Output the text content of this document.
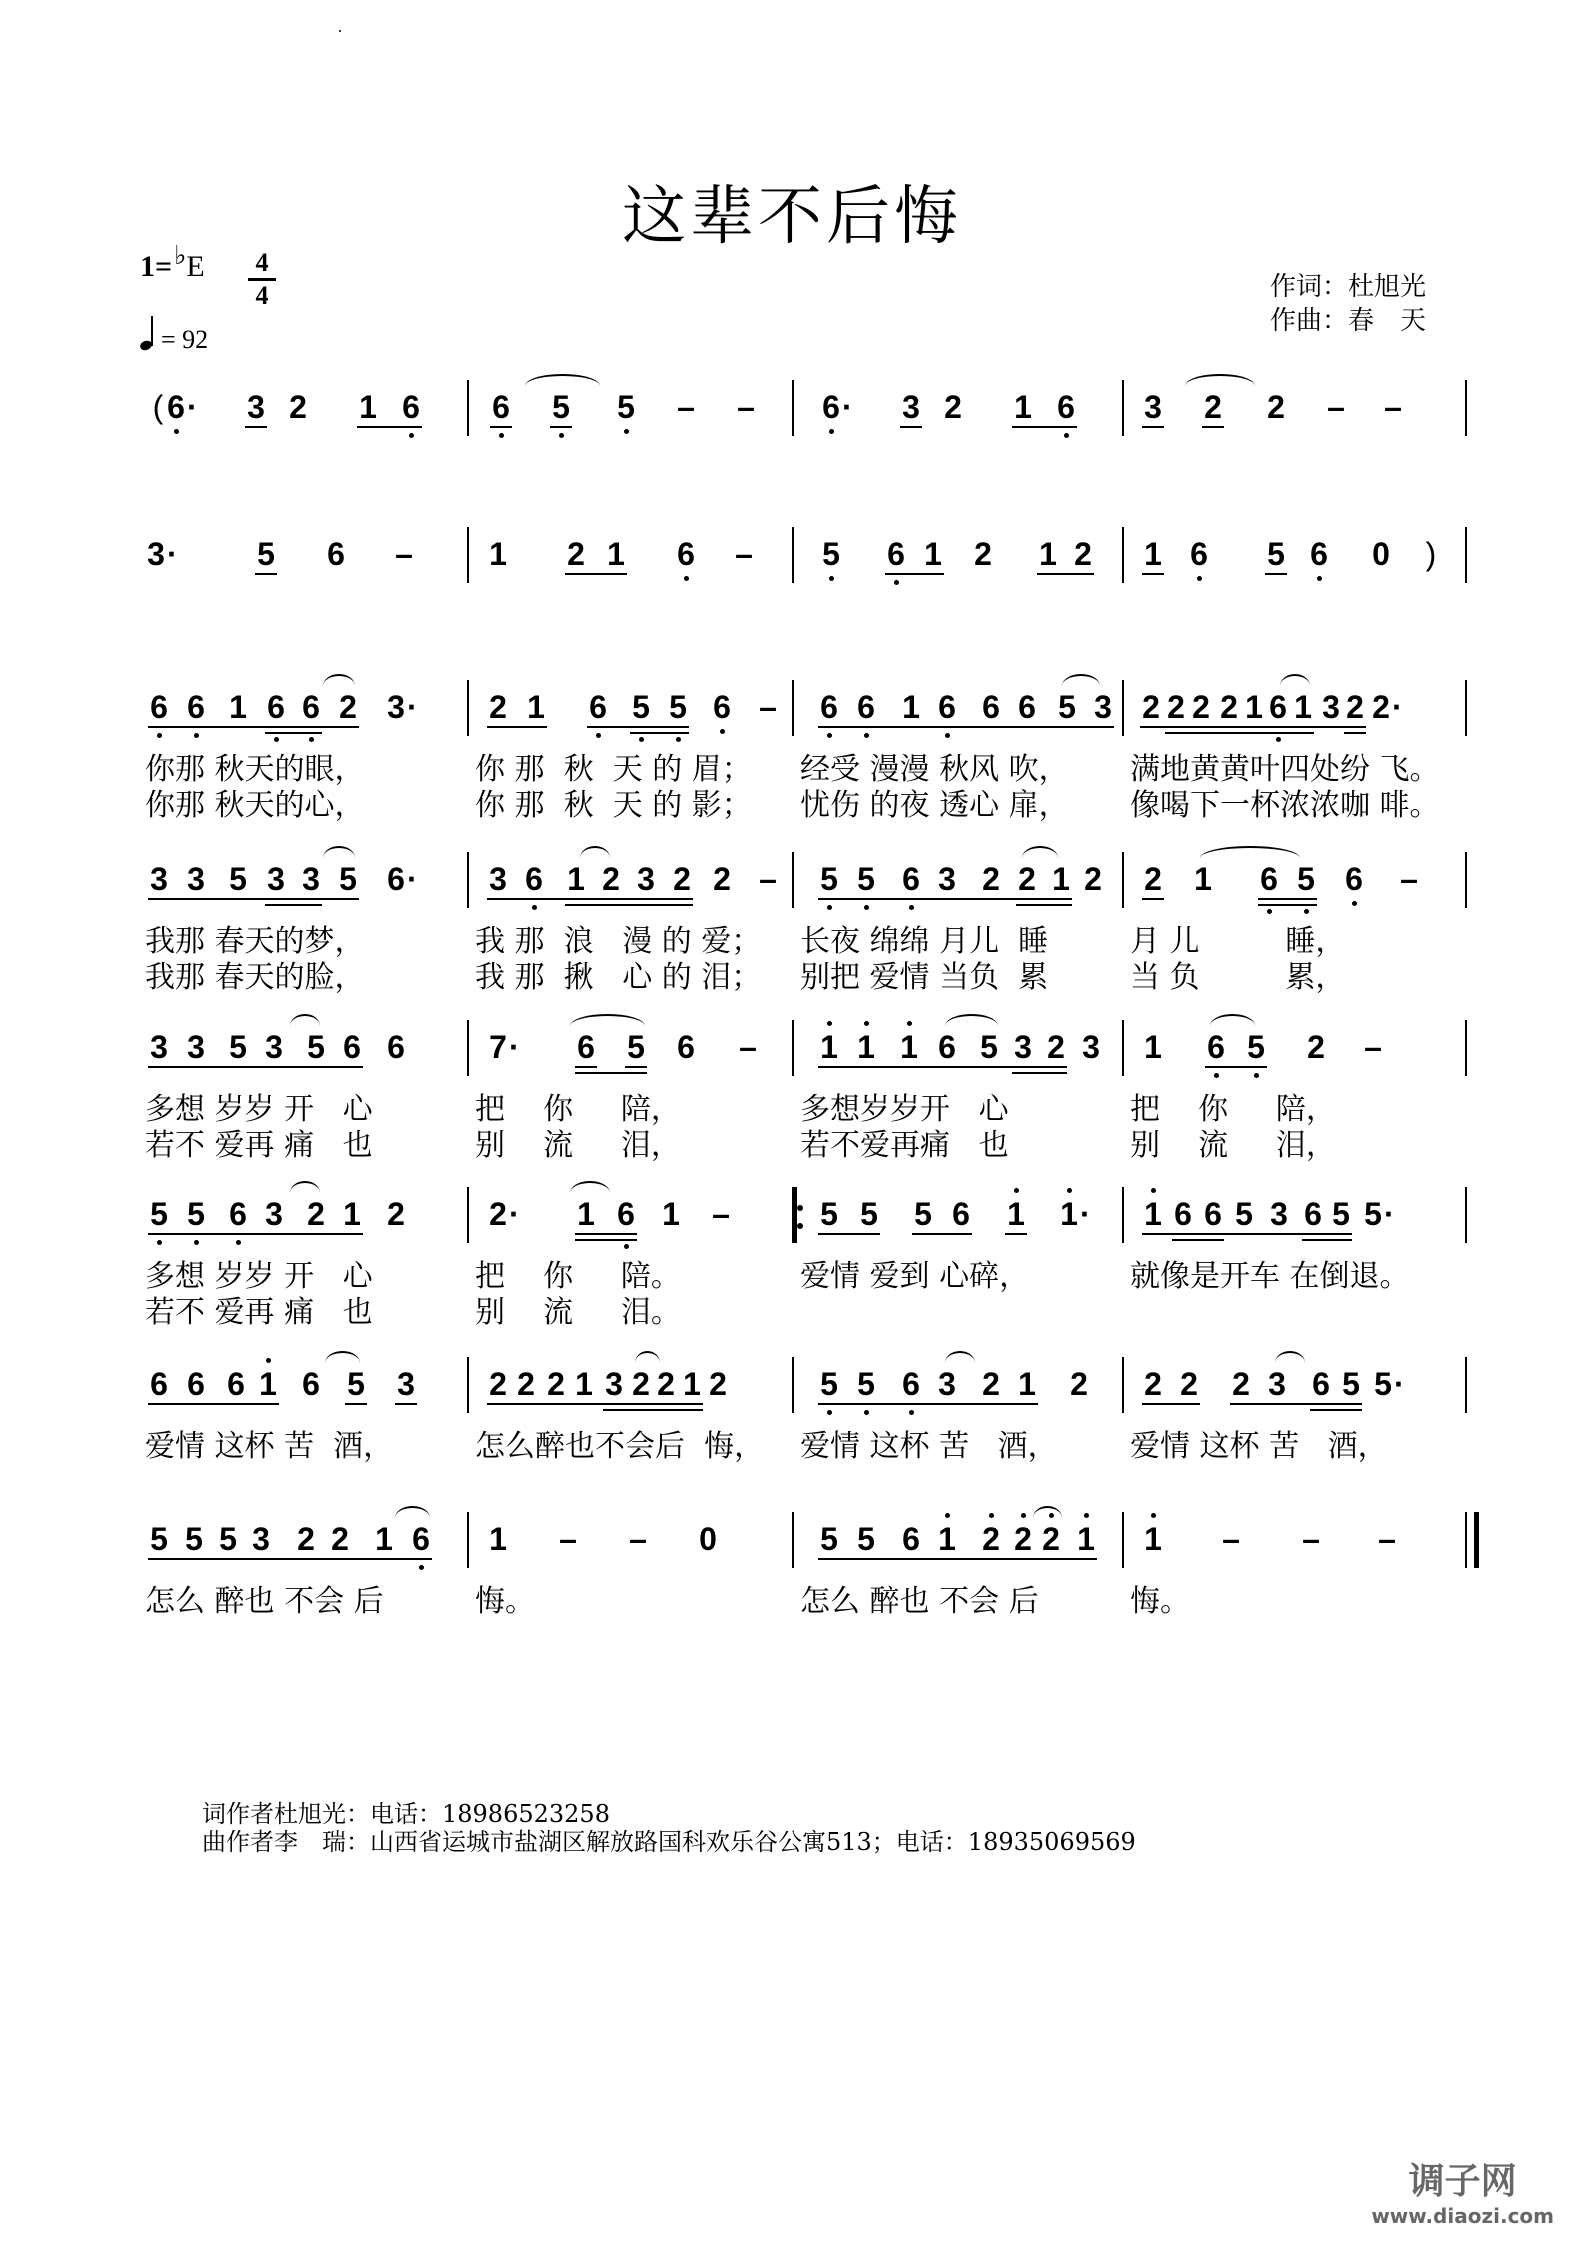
这辈不后悔
1=♭E 4
4
= 92
作词：杜旭光
作曲：春　天
( 6 · 3 2 1 6 6 5 5 – – 6 · 3 2 1 6 3 2 2 – –
3 · 5 6 – 1 2 1 6 – 5 6 1 2 1 2	)
1 6 5 6 0
6 6 1 6 6 2 3 · 2 1 6 5 5 6 – 6 6 1 6 6 6 5 3 2 2 2 2 1 6 1 3 2 2 ·
你那 秋天的眼，
你那 秋天的心，
你 那  秋  天 的 眉；
你 那  秋  天 的 影；
经受 漫漫 秋风 吹，
忧伤 的夜 透心 扉，
满地黄黄叶四处纷 飞。
像喝下一杯浓浓咖 啡。
3 3 5 3 3 5 6 · 3 6 1 2 3 2 2 – 5 5 6 3 2 2 1 2 2 1 6 5 6 –
我那 春天的梦，
我那 春天的脸，
我 那  浪   漫 的 爱；
我 那  揪   心 的 泪；
长夜 绵绵 月儿  睡
别把 爱情 当负  累
月 儿         睡，
当 负         累，
3 3 5 3 5 6 6	7 · 6 5 6 – 1 1 1 6 5 3 2 3 1 6 5 2 –
多想 岁岁 开   心
若不 爱再 痛   也
把    你     陪，
别    流     泪，
多想岁岁开   心
若不爱再痛   也
把    你     陪，
别    流     泪，
5 5 6 3 2 1 2	2 · 1 6 1 –	5 5 5 6 1 1 · 1 6 6 5 3 6 5 5 ·
多想 岁岁 开   心
若不 爱再 痛   也
把    你     陪。
别    流     泪。
爱情 爱到 心碎，	就像是开车 在倒退。
6 6 6 1 6 5 3 2 2 2 1 3 2 2 1 2	5 5 6 3 2 1 2 2 2 2 3 6 5 5 ·
爱情 这杯 苦  酒，	怎么醉也不会后  悔， 爱情 这杯 苦   酒， 爱情 这杯 苦   酒，
5 5 5 3 2 2 1 6 1 – – 0	5 5 6 1 2 2 2 1 1 – – –
怎么 醉也 不会 后	悔。	怎么 醉也 不会 后	悔。
词作者杜旭光：电话：18986523258
曲作者李　瑞：山西省运城市盐湖区解放路国科欢乐谷公寓513；电话：18935069569
调子网
www.diaozi.com
